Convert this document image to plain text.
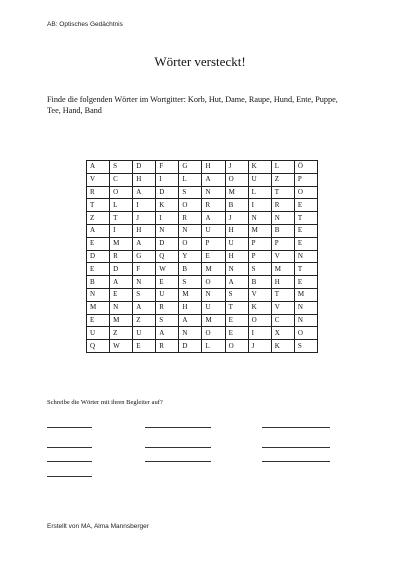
AB: Optisches Gedächtnis
Wörter versteckt!
Finde die folgenden Wörter im Wortgitter: Korb, Hut, Dame, Raupe, Hund, Ente, Puppe, Tee, Hand, Band
A	S	D	F	G	H	J	K	L	Ö
V	C	H	I	L	A	O	U	Z	P
R	O	A	D	S	N	M	L	T	O
T	L	I	K	O	R	B	I	R	E
Z	T	J	I	R	A	J	N	N	T
A	I	H	N	N	U	H	M	B	E
E	M	A	D	O	P	U	P	P	E
D	R	G	Q	Y	E	H	P	V	N
E	D	F	W	B	M	N	S	M	T
B	A	N	E	S	O	A	B	H	E
N	E	S	U	M	N	S	V	T	M
M	N	A	R	H	U	T	K	V	N
E	M	Z	S	A	M	E	O	C	N
U	Z	U	A	N	O	E	I	X	O
Q	W	E	R	D	L	O	J	K	S
Schreibe die Wörter mit ihren Begleiter auf?
Erstellt von MA, Alma Mannsberger
